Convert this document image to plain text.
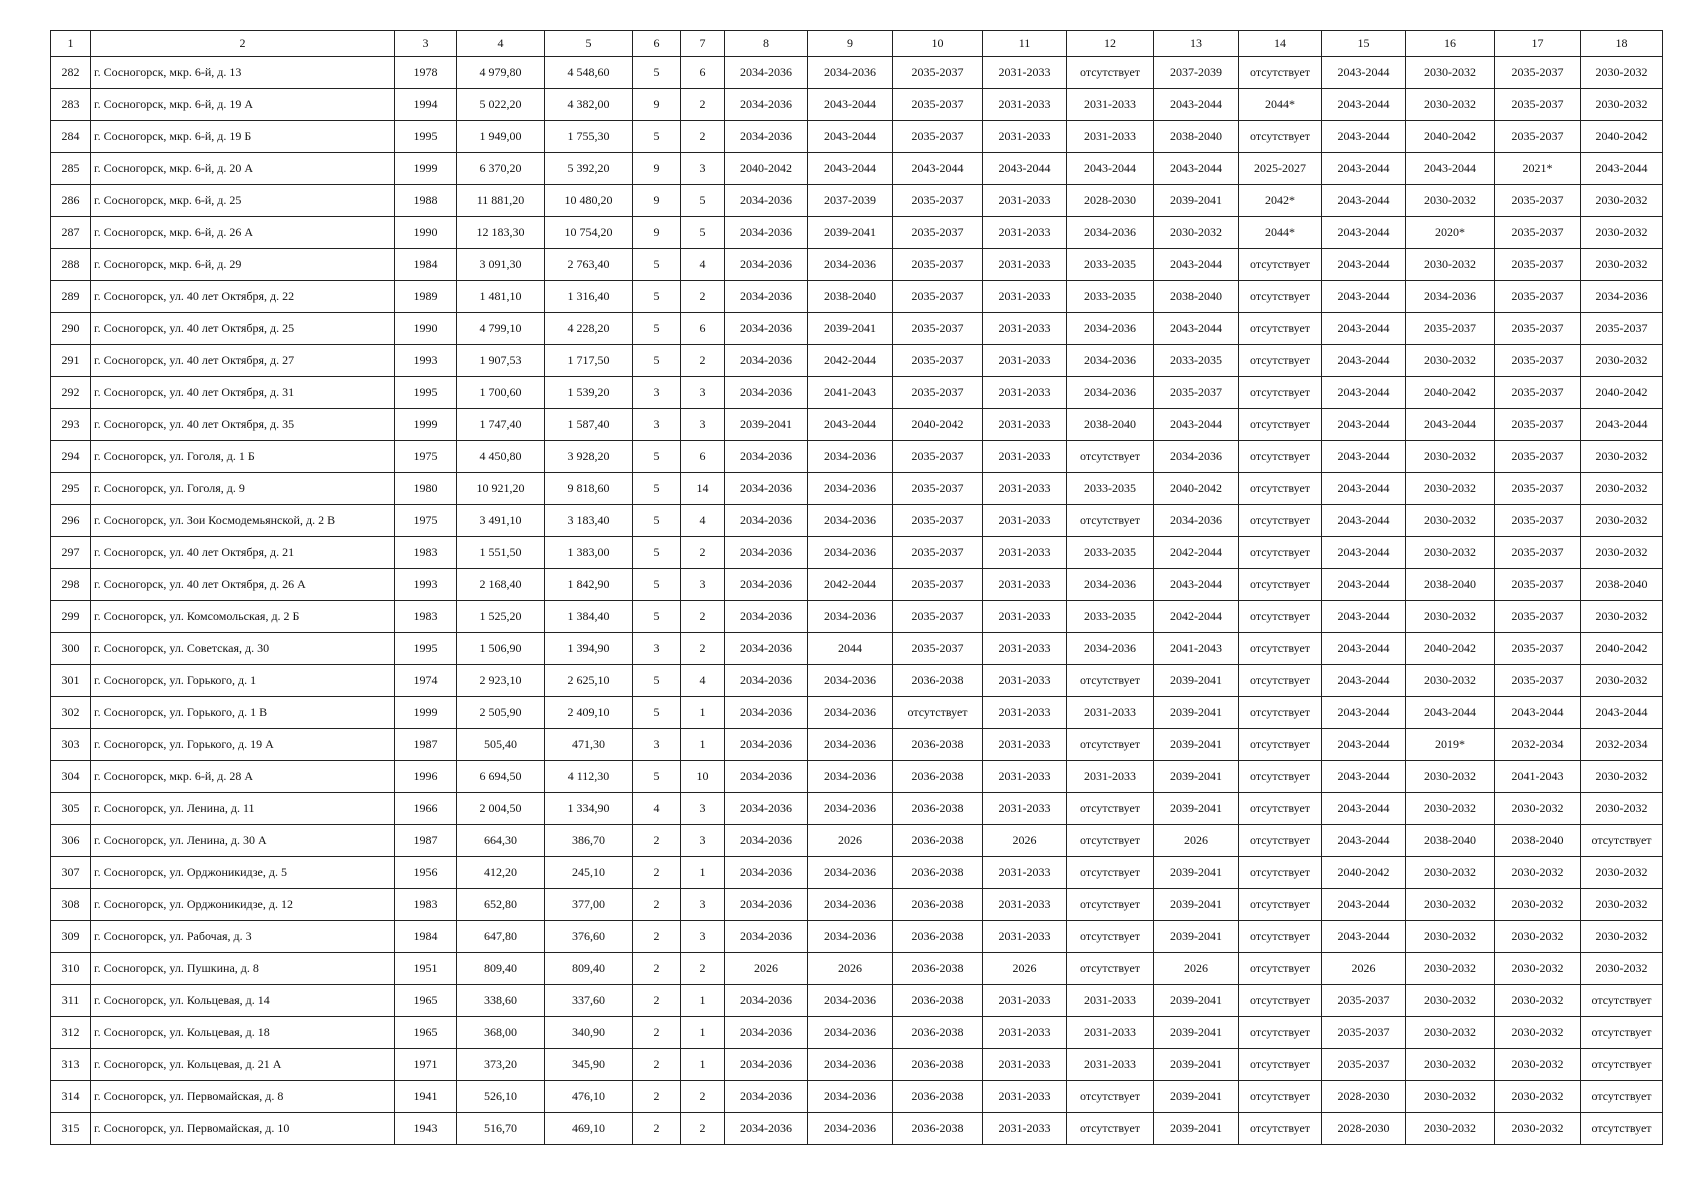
1	2	3	4	5	6	7	8	9	10	11	12	13	14	15	16	17	18
282	г. Сосногорск, мкр. 6-й, д. 13	1978	4 979,80	4 548,60	5	6	2034-2036	2034-2036	2035-2037	2031-2033	отсутствует	2037-2039	отсутствует	2043-2044	2030-2032	2035-2037	2030-2032
283	г. Сосногорск, мкр. 6-й, д. 19 А	1994	5 022,20	4 382,00	9	2	2034-2036	2043-2044	2035-2037	2031-2033	2031-2033	2043-2044	2044*	2043-2044	2030-2032	2035-2037	2030-2032
284	г. Сосногорск, мкр. 6-й, д. 19 Б	1995	1 949,00	1 755,30	5	2	2034-2036	2043-2044	2035-2037	2031-2033	2031-2033	2038-2040	отсутствует	2043-2044	2040-2042	2035-2037	2040-2042
285	г. Сосногорск, мкр. 6-й, д. 20 А	1999	6 370,20	5 392,20	9	3	2040-2042	2043-2044	2043-2044	2043-2044	2043-2044	2043-2044	2025-2027	2043-2044	2043-2044	2021*	2043-2044
286	г. Сосногорск, мкр. 6-й, д. 25	1988	11 881,20	10 480,20	9	5	2034-2036	2037-2039	2035-2037	2031-2033	2028-2030	2039-2041	2042*	2043-2044	2030-2032	2035-2037	2030-2032
287	г. Сосногорск, мкр. 6-й, д. 26 А	1990	12 183,30	10 754,20	9	5	2034-2036	2039-2041	2035-2037	2031-2033	2034-2036	2030-2032	2044*	2043-2044	2020*	2035-2037	2030-2032
288	г. Сосногорск, мкр. 6-й, д. 29	1984	3 091,30	2 763,40	5	4	2034-2036	2034-2036	2035-2037	2031-2033	2033-2035	2043-2044	отсутствует	2043-2044	2030-2032	2035-2037	2030-2032
289	г. Сосногорск, ул. 40 лет Октября, д. 22	1989	1 481,10	1 316,40	5	2	2034-2036	2038-2040	2035-2037	2031-2033	2033-2035	2038-2040	отсутствует	2043-2044	2034-2036	2035-2037	2034-2036
290	г. Сосногорск, ул. 40 лет Октября, д. 25	1990	4 799,10	4 228,20	5	6	2034-2036	2039-2041	2035-2037	2031-2033	2034-2036	2043-2044	отсутствует	2043-2044	2035-2037	2035-2037	2035-2037
291	г. Сосногорск, ул. 40 лет Октября, д. 27	1993	1 907,53	1 717,50	5	2	2034-2036	2042-2044	2035-2037	2031-2033	2034-2036	2033-2035	отсутствует	2043-2044	2030-2032	2035-2037	2030-2032
292	г. Сосногорск, ул. 40 лет Октября, д. 31	1995	1 700,60	1 539,20	3	3	2034-2036	2041-2043	2035-2037	2031-2033	2034-2036	2035-2037	отсутствует	2043-2044	2040-2042	2035-2037	2040-2042
293	г. Сосногорск, ул. 40 лет Октября, д. 35	1999	1 747,40	1 587,40	3	3	2039-2041	2043-2044	2040-2042	2031-2033	2038-2040	2043-2044	отсутствует	2043-2044	2043-2044	2035-2037	2043-2044
294	г. Сосногорск, ул. Гоголя, д. 1 Б	1975	4 450,80	3 928,20	5	6	2034-2036	2034-2036	2035-2037	2031-2033	отсутствует	2034-2036	отсутствует	2043-2044	2030-2032	2035-2037	2030-2032
295	г. Сосногорск, ул. Гоголя, д. 9	1980	10 921,20	9 818,60	5	14	2034-2036	2034-2036	2035-2037	2031-2033	2033-2035	2040-2042	отсутствует	2043-2044	2030-2032	2035-2037	2030-2032
296	г. Сосногорск, ул. Зои Космодемьянской, д. 2 В	1975	3 491,10	3 183,40	5	4	2034-2036	2034-2036	2035-2037	2031-2033	отсутствует	2034-2036	отсутствует	2043-2044	2030-2032	2035-2037	2030-2032
297	г. Сосногорск, ул. 40 лет Октября, д. 21	1983	1 551,50	1 383,00	5	2	2034-2036	2034-2036	2035-2037	2031-2033	2033-2035	2042-2044	отсутствует	2043-2044	2030-2032	2035-2037	2030-2032
298	г. Сосногорск, ул. 40 лет Октября, д. 26 А	1993	2 168,40	1 842,90	5	3	2034-2036	2042-2044	2035-2037	2031-2033	2034-2036	2043-2044	отсутствует	2043-2044	2038-2040	2035-2037	2038-2040
299	г. Сосногорск, ул. Комсомольская, д. 2 Б	1983	1 525,20	1 384,40	5	2	2034-2036	2034-2036	2035-2037	2031-2033	2033-2035	2042-2044	отсутствует	2043-2044	2030-2032	2035-2037	2030-2032
300	г. Сосногорск, ул. Советская, д. 30	1995	1 506,90	1 394,90	3	2	2034-2036	2044	2035-2037	2031-2033	2034-2036	2041-2043	отсутствует	2043-2044	2040-2042	2035-2037	2040-2042
301	г. Сосногорск, ул. Горького, д. 1	1974	2 923,10	2 625,10	5	4	2034-2036	2034-2036	2036-2038	2031-2033	отсутствует	2039-2041	отсутствует	2043-2044	2030-2032	2035-2037	2030-2032
302	г. Сосногорск, ул. Горького, д. 1 В	1999	2 505,90	2 409,10	5	1	2034-2036	2034-2036	отсутствует	2031-2033	2031-2033	2039-2041	отсутствует	2043-2044	2043-2044	2043-2044	2043-2044
303	г. Сосногорск, ул. Горького, д. 19 А	1987	505,40	471,30	3	1	2034-2036	2034-2036	2036-2038	2031-2033	отсутствует	2039-2041	отсутствует	2043-2044	2019*	2032-2034	2032-2034
304	г. Сосногорск, мкр. 6-й, д. 28 А	1996	6 694,50	4 112,30	5	10	2034-2036	2034-2036	2036-2038	2031-2033	2031-2033	2039-2041	отсутствует	2043-2044	2030-2032	2041-2043	2030-2032
305	г. Сосногорск, ул. Ленина, д. 11	1966	2 004,50	1 334,90	4	3	2034-2036	2034-2036	2036-2038	2031-2033	отсутствует	2039-2041	отсутствует	2043-2044	2030-2032	2030-2032	2030-2032
306	г. Сосногорск, ул. Ленина, д. 30 А	1987	664,30	386,70	2	3	2034-2036	2026	2036-2038	2026	отсутствует	2026	отсутствует	2043-2044	2038-2040	2038-2040	отсутствует
307	г. Сосногорск, ул. Орджоникидзе, д. 5	1956	412,20	245,10	2	1	2034-2036	2034-2036	2036-2038	2031-2033	отсутствует	2039-2041	отсутствует	2040-2042	2030-2032	2030-2032	2030-2032
308	г. Сосногорск, ул. Орджоникидзе, д. 12	1983	652,80	377,00	2	3	2034-2036	2034-2036	2036-2038	2031-2033	отсутствует	2039-2041	отсутствует	2043-2044	2030-2032	2030-2032	2030-2032
309	г. Сосногорск, ул. Рабочая, д. 3	1984	647,80	376,60	2	3	2034-2036	2034-2036	2036-2038	2031-2033	отсутствует	2039-2041	отсутствует	2043-2044	2030-2032	2030-2032	2030-2032
310	г. Сосногорск, ул. Пушкина, д. 8	1951	809,40	809,40	2	2	2026	2026	2036-2038	2026	отсутствует	2026	отсутствует	2026	2030-2032	2030-2032	2030-2032
311	г. Сосногорск, ул. Кольцевая, д. 14	1965	338,60	337,60	2	1	2034-2036	2034-2036	2036-2038	2031-2033	2031-2033	2039-2041	отсутствует	2035-2037	2030-2032	2030-2032	отсутствует
312	г. Сосногорск, ул. Кольцевая, д. 18	1965	368,00	340,90	2	1	2034-2036	2034-2036	2036-2038	2031-2033	2031-2033	2039-2041	отсутствует	2035-2037	2030-2032	2030-2032	отсутствует
313	г. Сосногорск, ул. Кольцевая, д. 21 А	1971	373,20	345,90	2	1	2034-2036	2034-2036	2036-2038	2031-2033	2031-2033	2039-2041	отсутствует	2035-2037	2030-2032	2030-2032	отсутствует
314	г. Сосногорск, ул. Первомайская, д. 8	1941	526,10	476,10	2	2	2034-2036	2034-2036	2036-2038	2031-2033	отсутствует	2039-2041	отсутствует	2028-2030	2030-2032	2030-2032	отсутствует
315	г. Сосногорск, ул. Первомайская, д. 10	1943	516,70	469,10	2	2	2034-2036	2034-2036	2036-2038	2031-2033	отсутствует	2039-2041	отсутствует	2028-2030	2030-2032	2030-2032	отсутствует
